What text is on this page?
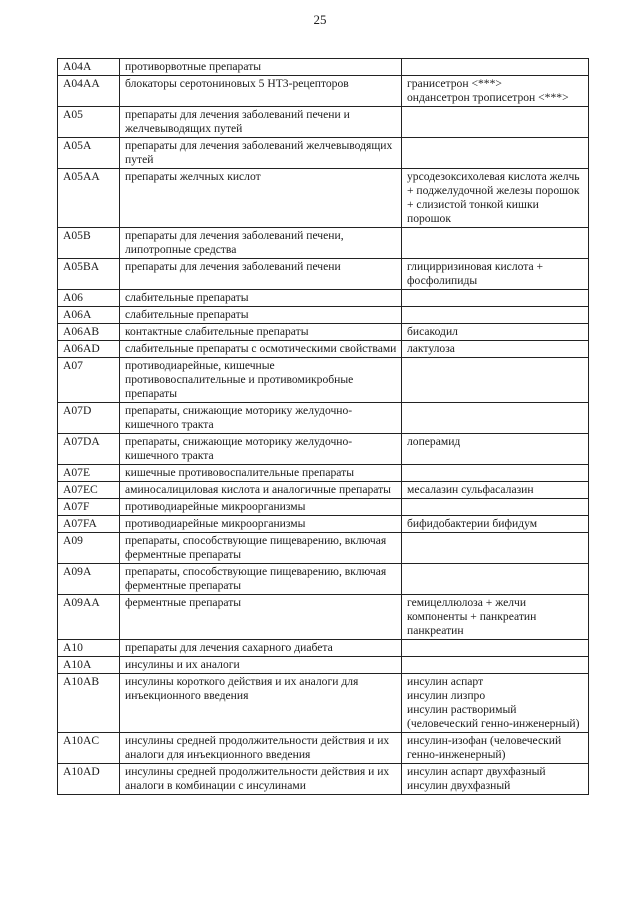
25
A04A	противорвотные препараты	
A04AA	блокаторы серотониновых 5 HT3-рецепторов	гранисетрон <***>
ондансетрон трописетрон <***>
A05	препараты для лечения заболеваний печени и желчевыводящих путей	
A05A	препараты для лечения заболеваний желчевыводящих путей	
A05AA	препараты желчных кислот	урсодезоксихолевая кислота желчь + поджелудочной железы порошок + слизистой тонкой кишки порошок
A05B	препараты для лечения заболеваний печени, липотропные средства	
A05BA	препараты для лечения заболеваний печени	глицирризиновая кислота + фосфолипиды
A06	слабительные препараты	
A06A	слабительные препараты	
A06AB	контактные слабительные препараты	бисакодил
A06AD	слабительные препараты с осмотическими свойствами	лактулоза
A07	противодиарейные, кишечные противовоспалительные и противомикробные препараты	
A07D	препараты, снижающие моторику желудочно-кишечного тракта	
A07DA	препараты, снижающие моторику желудочно-кишечного тракта	лоперамид
A07E	кишечные противовоспалительные препараты	
A07EC	аминосалициловая кислота и аналогичные препараты	месалазин сульфасалазин
A07F	противодиарейные микроорганизмы	
A07FA	противодиарейные микроорганизмы	бифидобактерии бифидум
A09	препараты, способствующие пищеварению, включая ферментные препараты	
A09A	препараты, способствующие пищеварению, включая ферментные препараты	
A09AA	ферментные препараты	гемицеллюлоза + желчи компоненты + панкреатин
панкреатин
A10	препараты для лечения сахарного диабета	
A10A	инсулины и их аналоги	
A10AB	инсулины короткого действия и их аналоги для инъекционного введения	инсулин аспарт
инсулин лизпро
инсулин растворимый (человеческий генно-инженерный)
A10AC	инсулины средней продолжительности действия и их аналоги для инъекционного введения	инсулин-изофан (человеческий генно-инженерный)
A10AD	инсулины средней продолжительности действия и их аналоги в комбинации с инсулинами	инсулин аспарт двухфазный
инсулин двухфазный
